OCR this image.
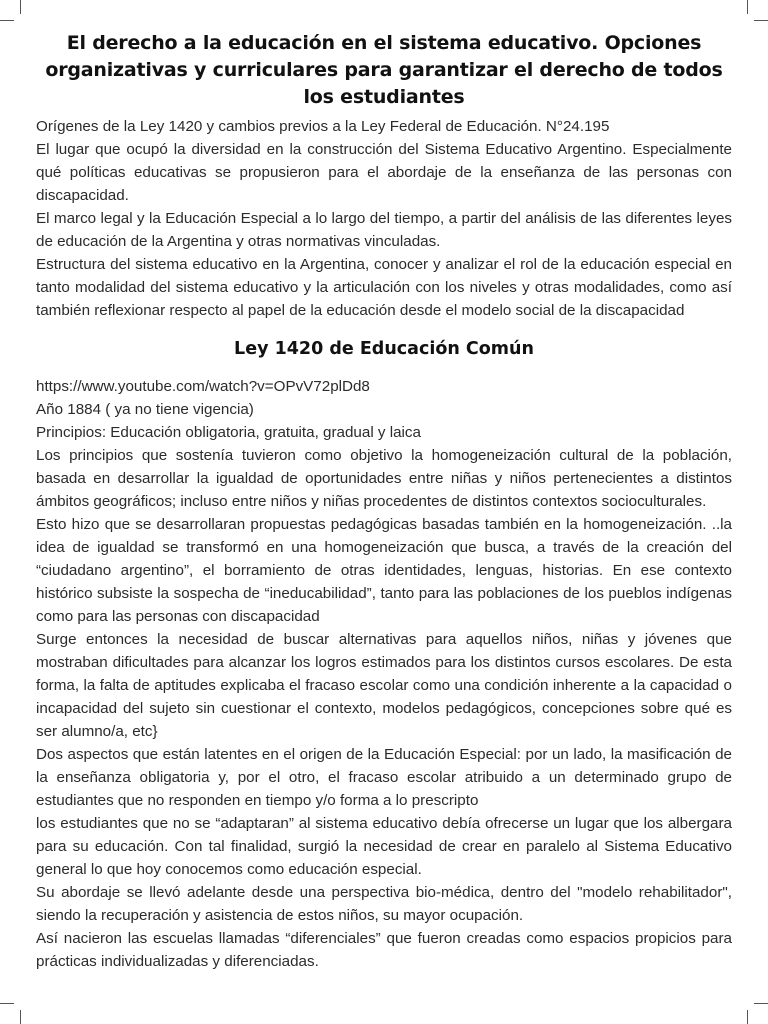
El derecho a la educación en el sistema educativo. Opciones organizativas y curriculares para garantizar el derecho de todos los estudiantes

Orígenes de la Ley 1420 y cambios previos a la Ley Federal de Educación. N°24.195

El lugar que ocupó la diversidad en la construcción del Sistema Educativo Argentino. Especialmente qué políticas educativas se propusieron para el abordaje de la enseñanza de las personas con discapacidad.

El marco legal y la Educación Especial a lo largo del tiempo, a partir del análisis de las diferentes leyes de educación de la Argentina y otras normativas vinculadas.

Estructura del sistema educativo en la Argentina, conocer y analizar el rol de la educación especial en tanto modalidad del sistema educativo y la articulación con los niveles y otras modalidades, como así también reflexionar respecto al papel de la educación desde el modelo social de la discapacidad

Ley 1420 de Educación Común

https://www.youtube.com/watch?v=OPvV72plDd8

Año 1884 ( ya no tiene vigencia)

Principios: Educación obligatoria, gratuita, gradual y laica

Los principios que sostenía tuvieron como objetivo la homogeneización cultural de la población, basada en desarrollar la igualdad de oportunidades entre niñas y niños pertenecientes a distintos ámbitos geográficos; incluso entre niños y niñas procedentes de distintos contextos socioculturales.

Esto hizo que se desarrollaran propuestas pedagógicas basadas también en la homogeneización. ..la idea de igualdad se transformó en una homogeneización que busca, a través de la creación del “ciudadano argentino”, el borramiento de otras identidades, lenguas, historias. En ese contexto histórico subsiste la sospecha de “ineducabilidad”, tanto para las poblaciones de los pueblos indígenas como para las personas con discapacidad

Surge entonces la necesidad de buscar alternativas para aquellos niños, niñas y jóvenes que mostraban dificultades para alcanzar los logros estimados para los distintos cursos escolares. De esta forma, la falta de aptitudes explicaba el fracaso escolar como una condición inherente a la capacidad o incapacidad del sujeto sin cuestionar el contexto, modelos pedagógicos, concepciones sobre qué es ser alumno/a, etc}

Dos aspectos que están latentes en el origen de la Educación Especial: por un lado, la masificación de la enseñanza obligatoria y, por el otro, el fracaso escolar atribuido a un determinado grupo de estudiantes que no responden en tiempo y/o forma a lo prescripto

los estudiantes que no se “adaptaran” al sistema educativo debía ofrecerse un lugar que los albergara para su educación. Con tal finalidad, surgió la necesidad de crear en paralelo al Sistema Educativo general lo que hoy conocemos como educación especial.

Su abordaje se llevó adelante desde una perspectiva bio-médica, dentro del "modelo rehabilitador", siendo la recuperación y asistencia de estos niños, su mayor ocupación.

Así nacieron las escuelas llamadas “diferenciales” que fueron creadas como espacios propicios para prácticas individualizadas y diferenciadas.
